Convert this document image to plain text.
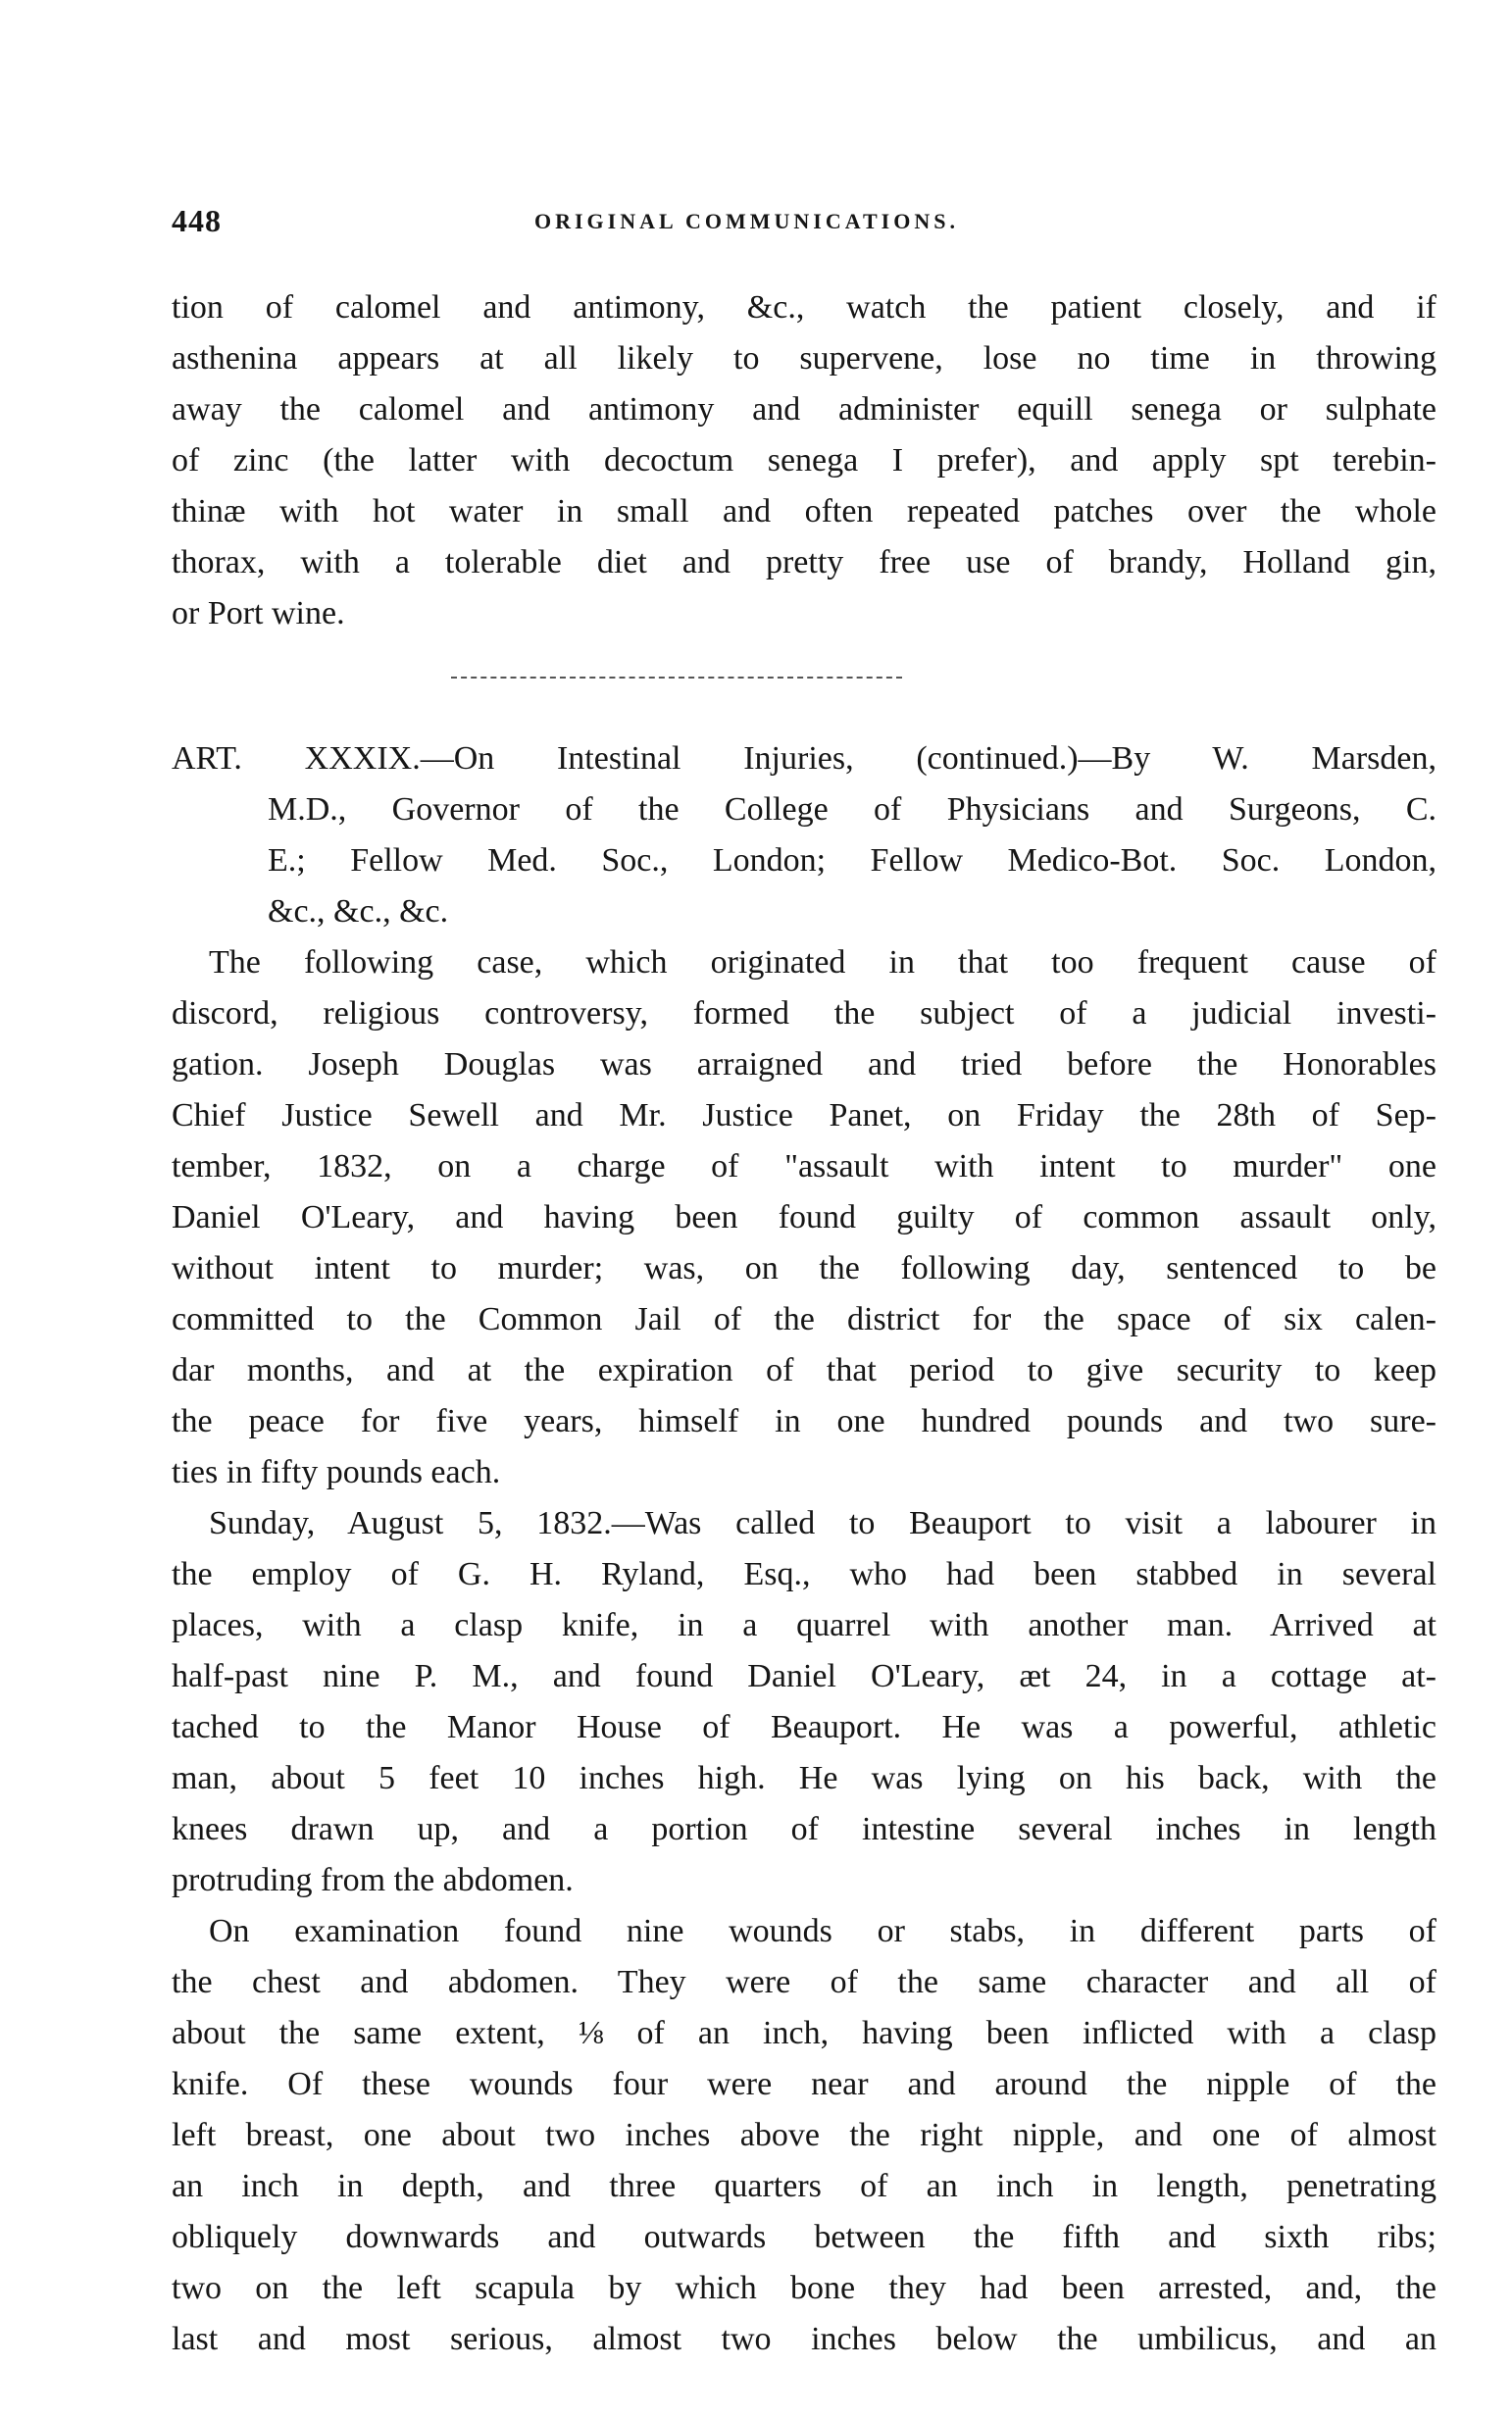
448	ORIGINAL COMMUNICATIONS.
tion of calomel and antimony, &c., watch the patient closely, and if
asthenina appears at all likely to supervene, lose no time in throwing
away the calomel and antimony and administer equill senega or sulphate
of zinc (the latter with decoctum senega I prefer), and apply spt terebin-
thinæ with hot water in small and often repeated patches over the whole
thorax, with a tolerable diet and pretty free use of brandy, Holland gin,
or Port wine.
ART. XXXIX.—On Intestinal Injuries, (continued.)—By W. Marsden,
M.D., Governor of the College of Physicians and Surgeons, C.
E.; Fellow Med. Soc., London; Fellow Medico-Bot. Soc. London,
&c., &c., &c.
The following case, which originated in that too frequent cause of
discord, religious controversy, formed the subject of a judicial investi-
gation. Joseph Douglas was arraigned and tried before the Honorables
Chief Justice Sewell and Mr. Justice Panet, on Friday the 28th of Sep-
tember, 1832, on a charge of "assault with intent to murder" one
Daniel O'Leary, and having been found guilty of common assault only,
without intent to murder; was, on the following day, sentenced to be
committed to the Common Jail of the district for the space of six calen-
dar months, and at the expiration of that period to give security to keep
the peace for five years, himself in one hundred pounds and two sure-
ties in fifty pounds each.
Sunday, August 5, 1832.—Was called to Beauport to visit a labourer in
the employ of G. H. Ryland, Esq., who had been stabbed in several
places, with a clasp knife, in a quarrel with another man. Arrived at
half-past nine P. M., and found Daniel O'Leary, æt 24, in a cottage at-
tached to the Manor House of Beauport. He was a powerful, athletic
man, about 5 feet 10 inches high. He was lying on his back, with the
knees drawn up, and a portion of intestine several inches in length
protruding from the abdomen.
On examination found nine wounds or stabs, in different parts of
the chest and abdomen. They were of the same character and all of
about the same extent, ⅛ of an inch, having been inflicted with a clasp
knife. Of these wounds four were near and around the nipple of the
left breast, one about two inches above the right nipple, and one of almost
an inch in depth, and three quarters of an inch in length, penetrating
obliquely downwards and outwards between the fifth and sixth ribs;
two on the left scapula by which bone they had been arrested, and, the
last and most serious, almost two inches below the umbilicus, and an
